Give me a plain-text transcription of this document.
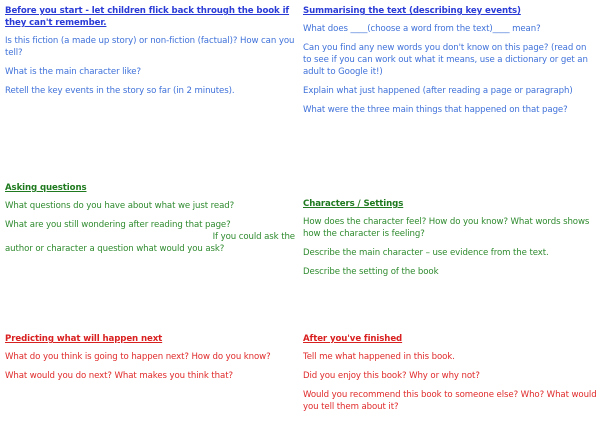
Before you start - let children flick back through the book if they can't remember.
Is this fiction (a made up story) or non-fiction (factual)? How can you tell?
What is the main character like?
Retell the key events in the story so far (in 2 minutes).
Summarising the text (describing key events)
What does ____(choose a word from the text)____ mean?
Can you find any new words you don't know on this page? (read on to see if you can work out what it means, use a dictionary or get an adult to Google it!)
Explain what just happened (after reading a page or paragraph)
What were the three main things that happened on that page?
Asking questions
What questions do you have about what we just read?
What are you still wondering after reading that page?
If you could ask the
author or character a question what would you ask?
Characters / Settings
How does the character feel? How do you know? What words shows how the character is feeling?
Describe the main character – use evidence from the text.
Describe the setting of the book
Predicting what will happen next
What do you think is going to happen next? How do you know?
What would you do next? What makes you think that?
After you've finished
Tell me what happened in this book.
Did you enjoy this book? Why or why not?
Would you recommend this book to someone else? Who? What would you tell them about it?
